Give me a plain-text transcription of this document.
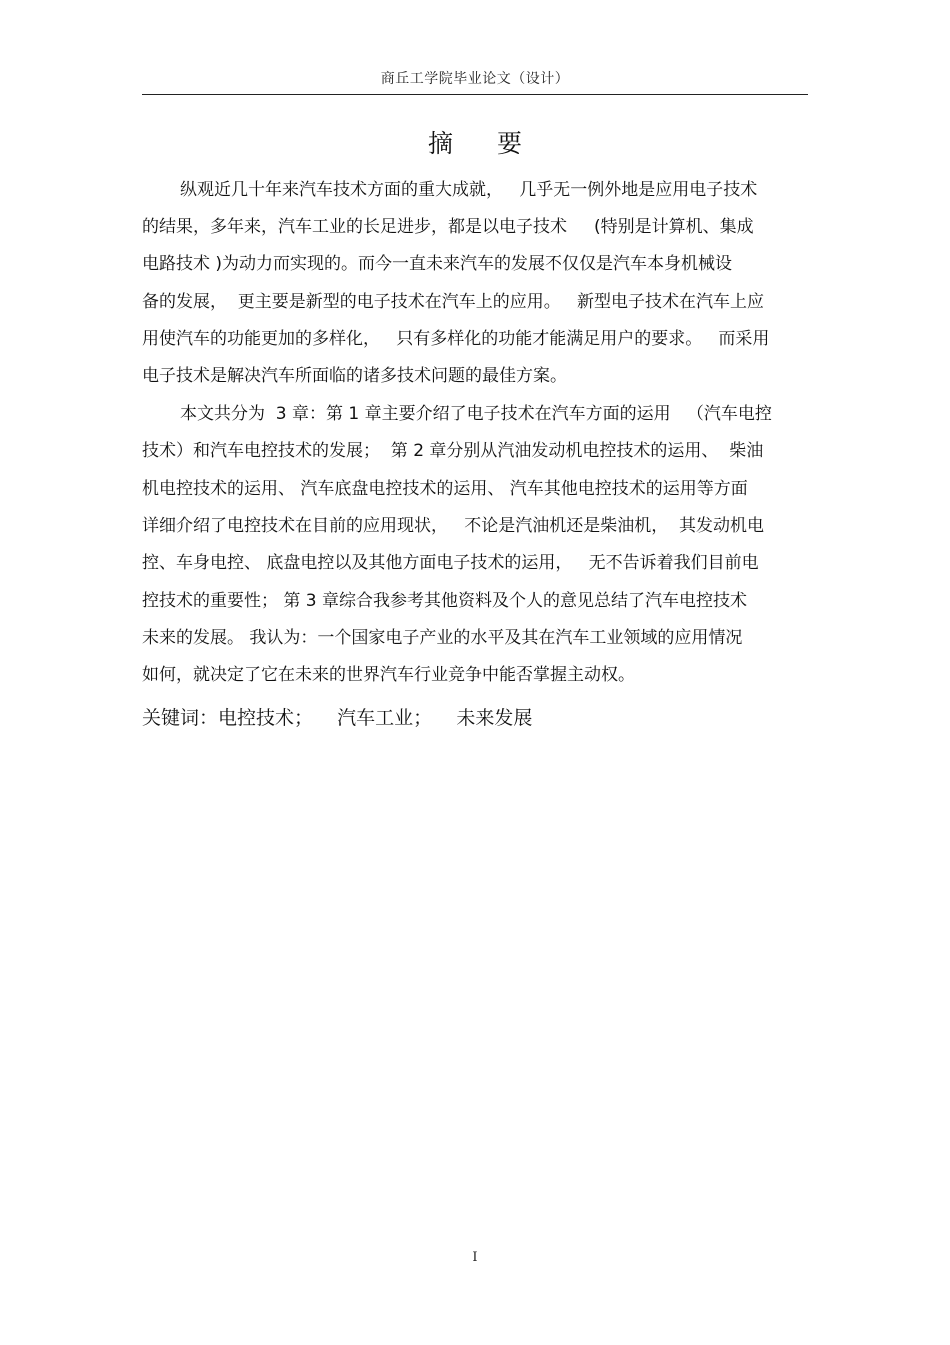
商丘工学院毕业论文（设计）
摘 要
纵观近几十年来汽车技术方面的重大成就，   几乎无一例外地是应用电子技术
的结果，多年来，汽车工业的长足进步，都是以电子技术     (特别是计算机、集成
电路技术 )为动力而实现的。而今一直未来汽车的发展不仅仅是汽车本身机械设
备的发展，  更主要是新型的电子技术在汽车上的应用。   新型电子技术在汽车上应
用使汽车的功能更加的多样化，   只有多样化的功能才能满足用户的要求。   而采用
电子技术是解决汽车所面临的诸多技术问题的最佳方案。
本文共分为  3 章：第 1 章主要介绍了电子技术在汽车方面的运用   （汽车电控
技术）和汽车电控技术的发展；  第 2 章分别从汽油发动机电控技术的运用、  柴油
机电控技术的运用、 汽车底盘电控技术的运用、 汽车其他电控技术的运用等方面
详细介绍了电控技术在目前的应用现状，   不论是汽油机还是柴油机，  其发动机电
控、车身电控、 底盘电控以及其他方面电子技术的运用，   无不告诉着我们目前电
控技术的重要性； 第 3 章综合我参考其他资料及个人的意见总结了汽车电控技术
未来的发展。 我认为：一个国家电子产业的水平及其在汽车工业领域的应用情况
如何，就决定了它在未来的世界汽车行业竞争中能否掌握主动权。
关键词：电控技术；    汽车工业；    未来发展
I
